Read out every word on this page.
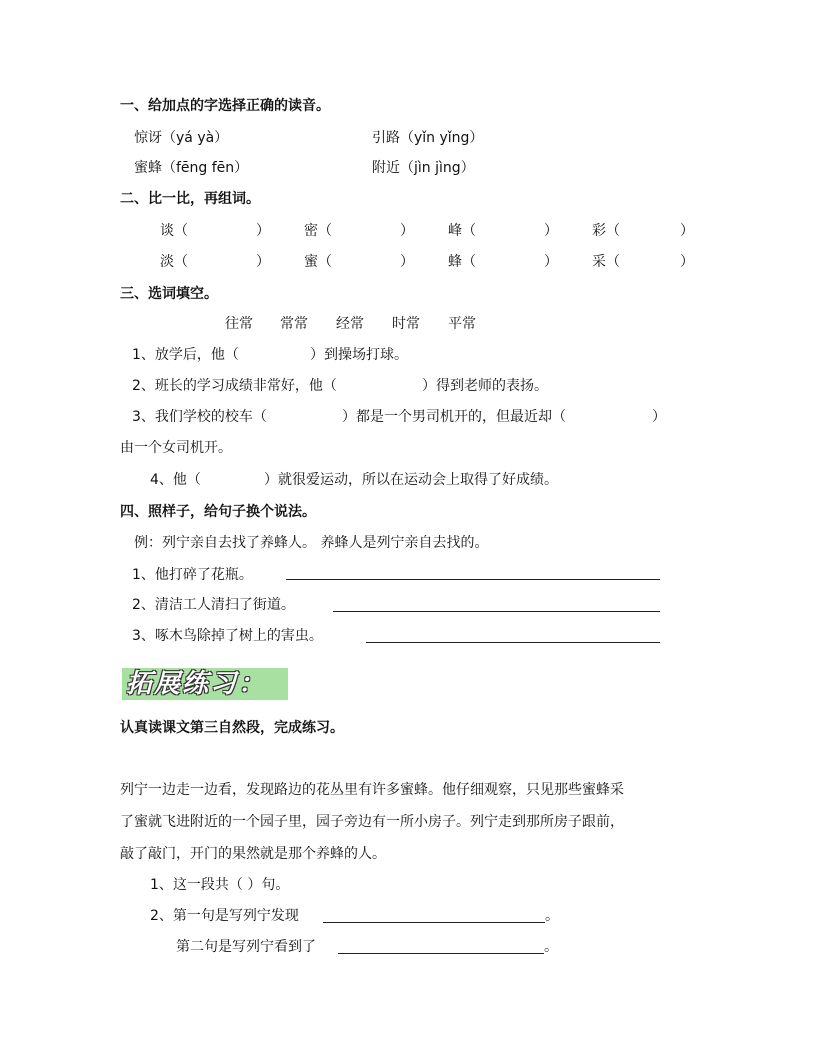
一、给加点的字选择正确的读音。
惊讶（yá yà）	引路（yǐn yǐng）
蜜蜂（fēng fēn）	附近（jìn jìng）
二、比一比，再组词。
谈（	） 密（	） 峰（	） 彩（	）
淡（	） 蜜（	） 蜂（	） 采（	）
三、选词填空。
往常 常常 经常 时常 平常
1、放学后，他（	）到操场打球。
2、班长的学习成绩非常好，他（	）得到老师的表扬。
3、我们学校的校车（	）都是一个男司机开的，但最近却（	）
由一个女司机开。
4、他（	）就很爱运动，所以在运动会上取得了好成绩。
四、照样子，给句子换个说法。
例：列宁亲自去找了养蜂人。 养蜂人是列宁亲自去找的。
1、他打碎了花瓶。
2、清洁工人清扫了街道。
3、啄木鸟除掉了树上的害虫。
拓展练习：
认真读课文第三自然段，完成练习。
列宁一边走一边看，发现路边的花丛里有许多蜜蜂。他仔细观察，只见那些蜜蜂采
了蜜就飞进附近的一个园子里，园子旁边有一所小房子。列宁走到那所房子跟前，
敲了敲门，开门的果然就是那个养蜂的人。
1、这一段共（ ）句。
2、第一句是写列宁发现	。
第二句是写列宁看到了	。
